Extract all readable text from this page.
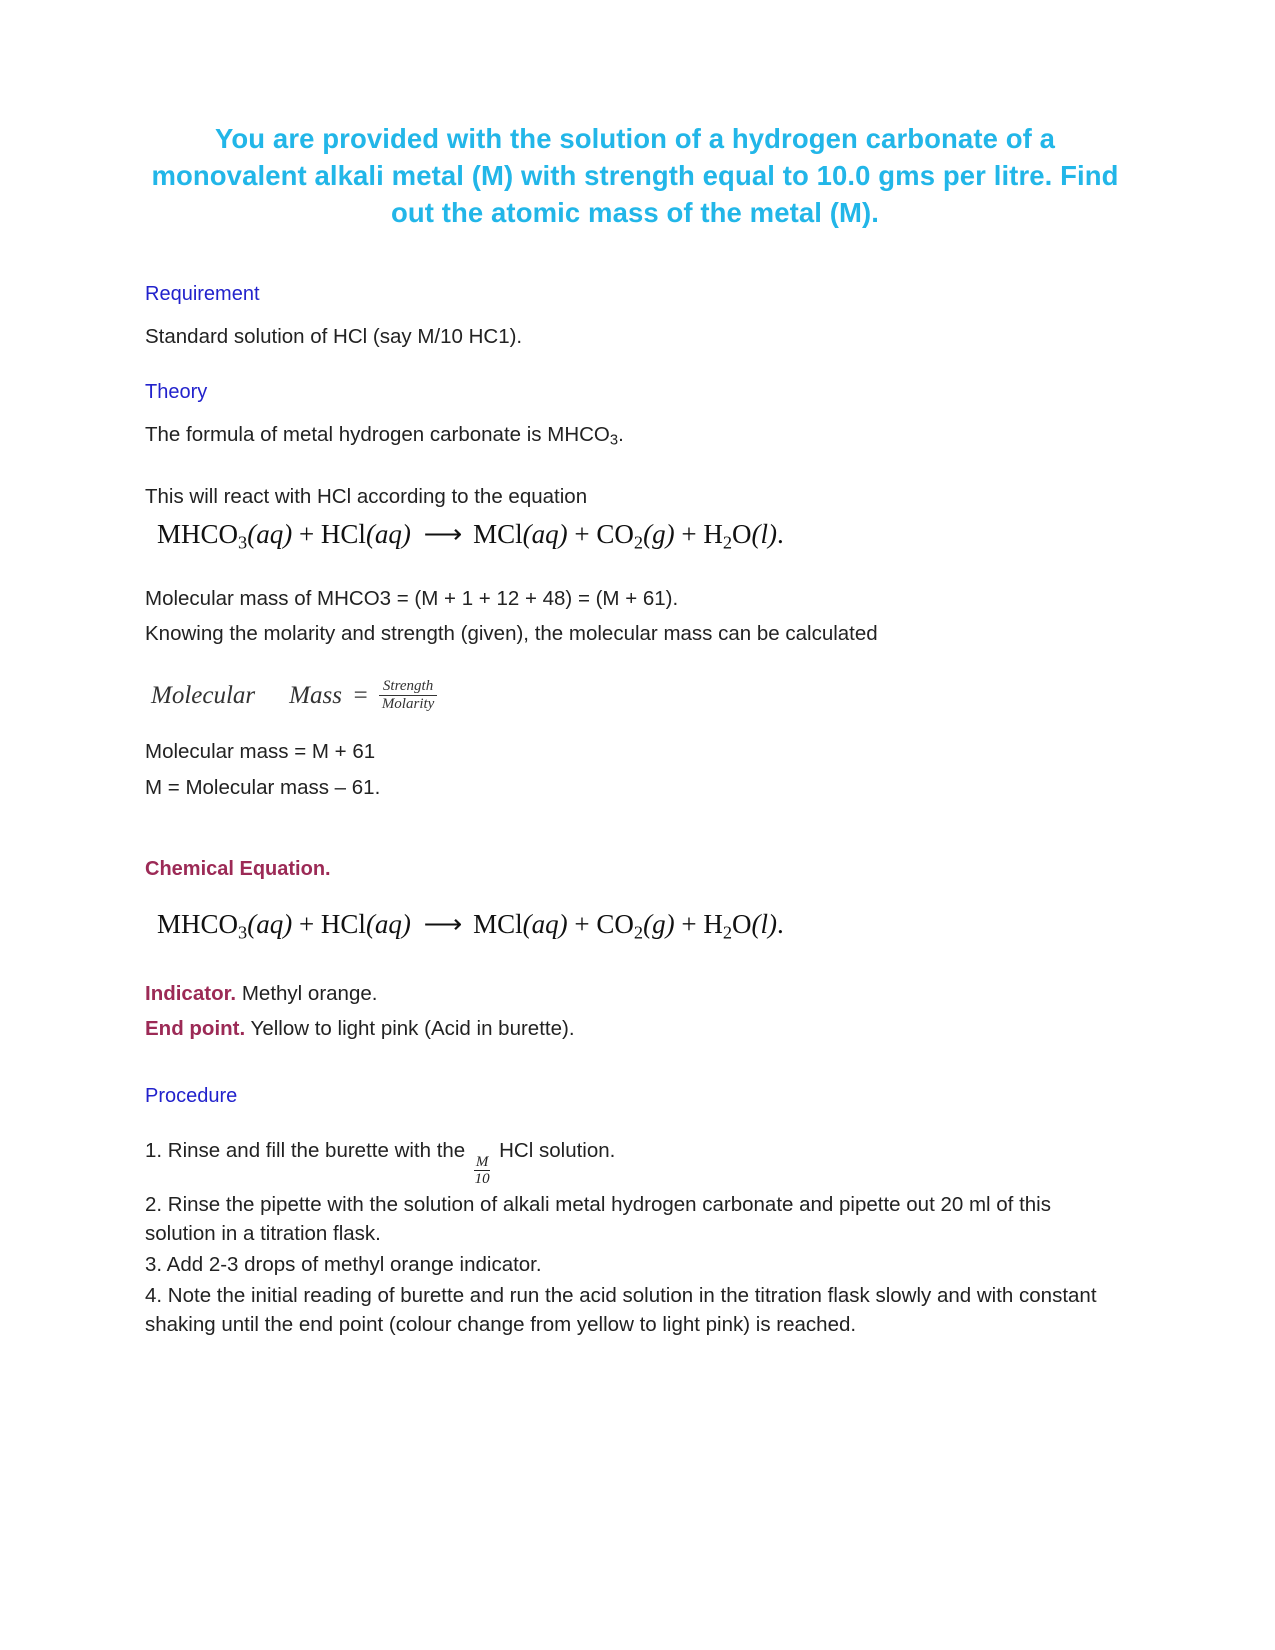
You are provided with the solution of a hydrogen carbonate of a monovalent alkali metal (M) with strength equal to 10.0 gms per litre. Find out the atomic mass of the metal (M).
Requirement

Standard solution of HCl (say M/10 HC1).

Theory

The formula of metal hydrogen carbonate is $MHCO_3$.

This will react with HCl according to the equation

$MHCO_3(aq) + HCl(aq)$ ⟶ $MCl(aq) + CO_2(g) + H_2O(l)$.

Molecular mass of MHCO3 = (M + 1 + 12 + 48) = (M + 61).

Knowing the molarity and strength (given), the molecular mass can be calculated

Molecular Mass = $\frac{\text{Strength}}{\text{Molarity}}$

Molecular mass = M + 61

M = Molecular mass – 61.

Chemical Equation.
$MHCO_3(aq) + HCl(aq)$ ⟶ $MCl(aq) + CO_2(g) + H_2O(l)$.

Indicator. Methyl orange.

End point. Yellow to light pink (Acid in burette).

Procedure

1. Rinse and fill the burette with the
$\frac{M}{10}$
HCl solution.

2. Rinse the pipette with the solution of alkali metal hydrogen carbonate and pipette out 20 ml of this solution in a titration flask.

3. Add 2-3 drops of methyl orange indicator.

4. Note the initial reading of burette and run the acid solution in the titration flask slowly and with constant shaking until the end point (colour change from yellow to light pink) is reached.
